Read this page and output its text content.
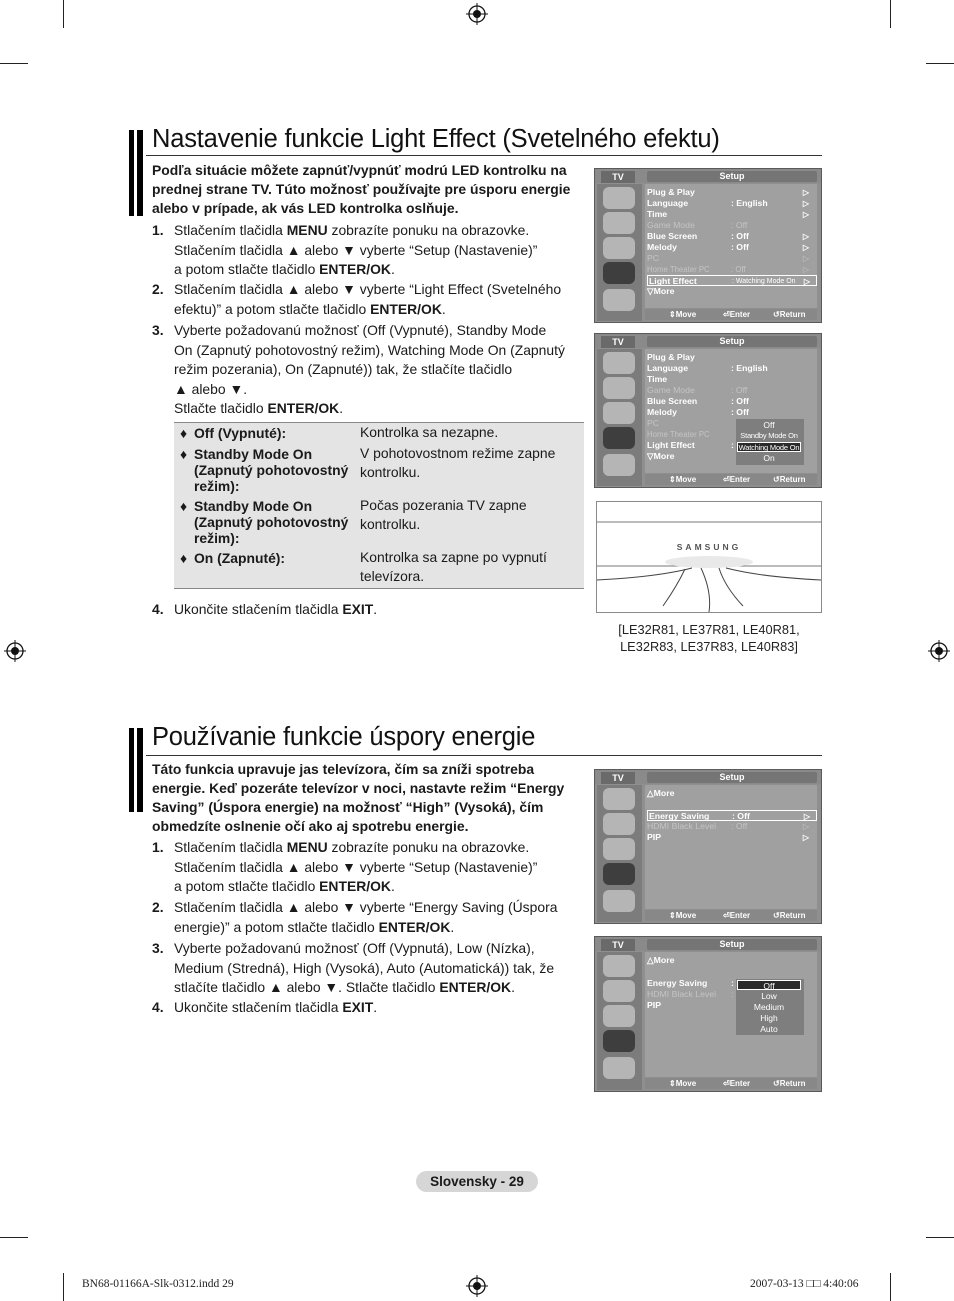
Nastavenie funkcie Light Effect (Svetelného efektu)
Podľa situácie môžete zapnúť/vypnúť modrú LED kontrolku na prednej strane TV. Túto možnosť používajte pre úsporu energie alebo v prípade, ak vás LED kontrolka oslňuje.
1. Stlačením tlačidla MENU zobrazíte ponuku na obrazovke.
Stlačením tlačidla ▲ alebo ▼ vyberte “Setup (Nastavenie)”
a potom stlačte tlačidlo ENTER/OK.
2. Stlačením tlačidla ▲ alebo ▼ vyberte “Light Effect (Svetelného
efektu)” a potom stlačte tlačidlo ENTER/OK.
3. Vyberte požadovanú možnosť (Off (Vypnuté), Standby Mode
On (Zapnutý pohotovostný režim), Watching Mode On (Zapnutý
režim pozerania), On (Zapnuté)) tak, že stlačíte tlačidlo
▲ alebo ▼.
Stlačte tlačidlo ENTER/OK.
♦ Off (Vypnuté):	Kontrolka sa nezapne.
♦ Standby Mode On (Zapnutý pohotovostný režim):
V pohotovostnom režime zapne kontrolku.
♦ Standby Mode On (Zapnutý pohotovostný režim):
Počas pozerania TV zapne kontrolku.
♦ On (Zapnuté):	Kontrolka sa zapne po vypnutí televízora.
4. Ukončite stlačením tlačidla EXIT.
TV	Setup
Plug & Play	▷
Language	: English	▷
Time	▷
Game Mode	: Off
Blue Screen	: Off	▷
Melody	: Off	▷
PC	▷
Home Theater PC	: Off	▷
Light Effect	: Watching Mode On ▷
▽More
⇕ Move	⏎ Enter	↺ Return
TV	Setup
Plug & Play
Language	: English
Time
Game Mode	: Off
Blue Screen	: Off
Melody	: Off
PC
Home Theater PC
Light Effect	:
▽More
Off
Standby Mode On
Watching Mode On
On
⇕ Move	⏎ Enter	↺ Return
SAMSUNG
[LE32R81, LE37R81, LE40R81,
LE32R83, LE37R83, LE40R83]
Používanie funkcie úspory energie
Táto funkcia upravuje jas televízora, čím sa zníži spotreba energie. Keď pozeráte televízor v noci, nastavte režim “Energy Saving” (Úspora energie) na možnosť “High” (Vysoká), čím obmedzíte oslnenie očí ako aj spotrebu energie.
1. Stlačením tlačidla MENU zobrazíte ponuku na obrazovke.
Stlačením tlačidla ▲ alebo ▼ vyberte “Setup (Nastavenie)”
a potom stlačte tlačidlo ENTER/OK.
2. Stlačením tlačidla ▲ alebo ▼ vyberte “Energy Saving (Úspora
energie)” a potom stlačte tlačidlo ENTER/OK.
3. Vyberte požadovanú možnosť (Off (Vypnutá), Low (Nízka),
Medium (Stredná), High (Vysoká), Auto (Automatická)) tak, že
stlačíte tlačidlo ▲ alebo ▼. Stlačte tlačidlo ENTER/OK.
4. Ukončite stlačením tlačidla EXIT.
TV	Setup
△More
Energy Saving	: Off	▷
HDMI Black Level : Off	▷
PIP	▷
⇕ Move	⏎ Enter	↺ Return
TV	Setup
△More
Energy Saving	:
HDMI Black Level :
PIP
Off
Low
Medium
High
Auto
⇕ Move	⏎ Enter	↺ Return
Slovensky - 29
BN68-01166A-Slk-0312.indd 29	2007-03-13 □□ 4:40:06
